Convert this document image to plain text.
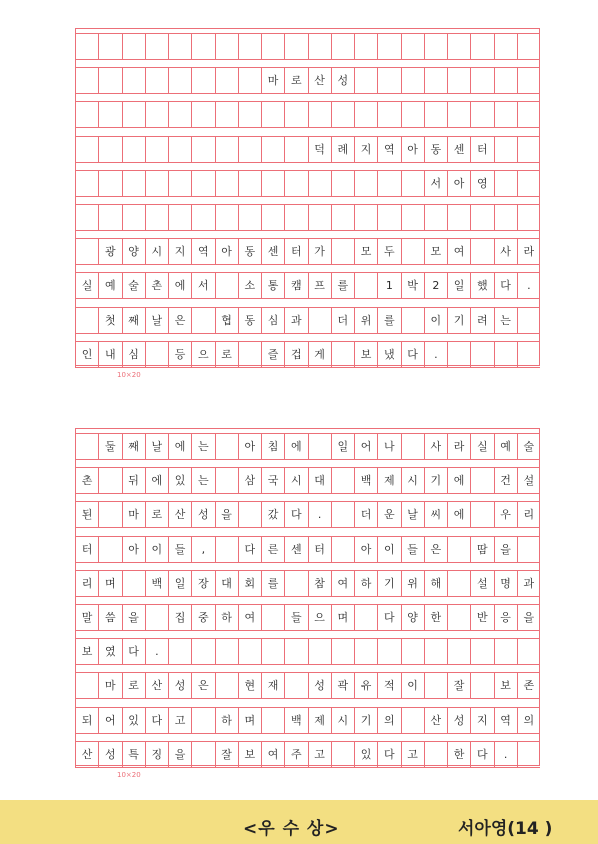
마	로	산	성
덕	례	지	역	아	동	센	터
서	아	영
광	양	시	지	역	아	동	센	터	가	모	두	모	여	사	라
실	예	술	촌	에	서	소	통	캠	프	를	1	박	2	일	했	다	.
첫	째	날	은	협	동	심	과	더	위	를	이	기	려	는
인	내	심	등	으	로	즐	겁	게	보	냈	다	.
10×20
둘	째	날	에	는	아	침	에	일	어	나	사	라	실	예	술
촌	뒤	에	있	는	삼	국	시	대	백	제	시	기	에	건	설
된	마	로	산	성	을	갔	다	.	더	운	날	씨	에	우	리
터	아	이	들	,	다	른	센	터	아	이	들	은	땀	을
리	며	백	일	장	대	회	를	참	여	하	기	위	해	설	명	과
말	씀	을	집	중	하	여	들	으	며	다	양	한	반	응	을
보	였	다	.
마	로	산	성	은	현	재	성	곽	유	적	이	잘	보	존
되	어	있	다	고	하	며	백	제	시	기	의	산	성	지	역	의
산	성	특	징	을	잘	보	여	주	고	있	다	고	한	다	.
10×20
<우 수 상>	서아영(14 )
